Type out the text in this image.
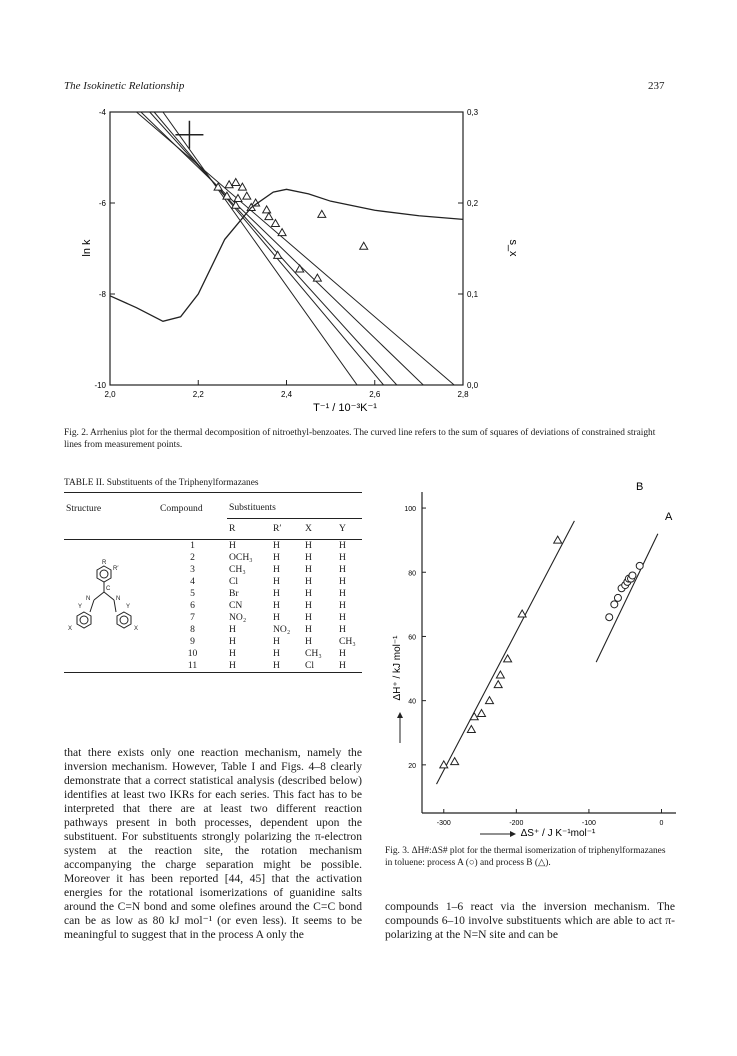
The Isokinetic Relationship	237
2,0	2,2	2,4	2,6	2,8
-4
-6
-8
-10
0,3
0,2
0,1
0,0
ln k	s_x
T⁻¹ / 10⁻³K⁻¹
Fig. 2. Arrhenius plot for the thermal decomposition of nitroethyl-benzoates. The curved line refers to the sum of squares of deviations of constrained straight lines from measurement points.
TABLE II. Substituents of the Triphenylformazanes
Structure	Compound	Substituents			
		R	R′	X	Y
	1	H	H	H	H
	2	OCH₃	H	H	H
	3	CH₃	H	H	H
	4	Cl	H	H	H
	5	Br	H	H	H
	6	CN	H	H	H
	7	NO₂	H	H	H
	8	H	NO₂	H	H
	9	H	H	H	CH₃
	10	H	H	CH₃	H
	11	H	H	Cl	H
R
R′
C
N	N
Y	Y
X	X
100
80
60
40
20
-300	-200	-100	0
ΔH⁺ / kJ mol⁻¹
ΔS⁺ / J K⁻¹mol⁻¹
B
A
Fig. 3. ΔH#:ΔS# plot for the thermal isomerization of triphenylformazanes in toluene: process A (○) and process B (△).
that there exists only one reaction mechanism, namely the inversion mechanism. However, Table I and Figs. 4–8 clearly demonstrate that a correct statistical analysis (described below) identifies at least two IKRs for each series. This fact has to be interpreted that there are at least two different reaction pathways present in both processes, dependent upon the substituent. For substituents strongly polarizing the π-electron system at the reaction site, the rotation mechanism accompanying the charge separation might be possible. Moreover it has been reported [44, 45] that the activation energies for the rotational isomerizations of guanidine salts around the C=N bond and some olefines around the C=C bond can be as low as 80 kJ mol⁻¹ (or even less). It seems to be meaningful to suggest that in the process A only the
compounds 1–6 react via the inversion mechanism. The compounds 6–10 involve substituents which are able to act π-polarizing at the N=N site and can be
